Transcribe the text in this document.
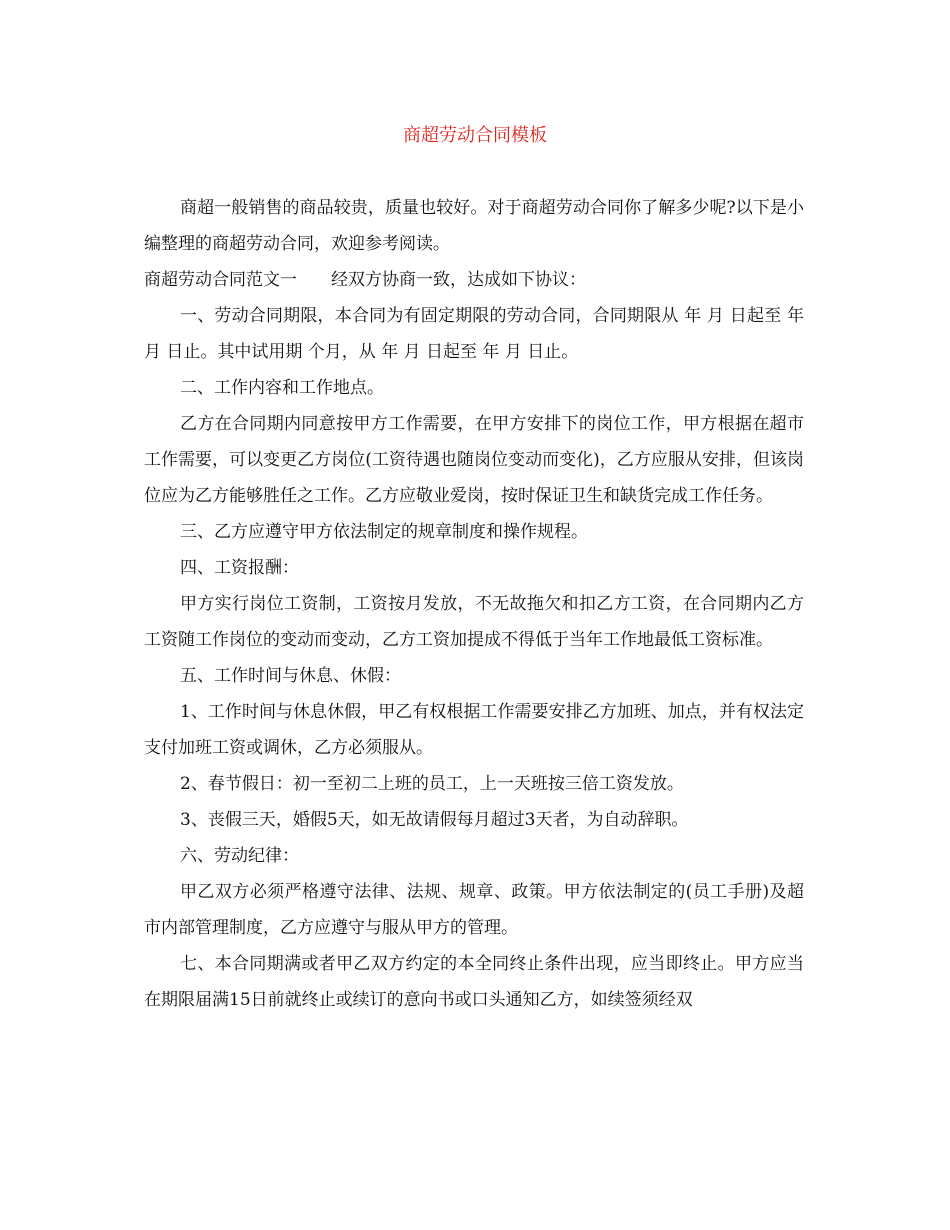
商超劳动合同模板

商超一般销售的商品较贵，质量也较好。对于商超劳动合同你了解多少呢?以下是小编整理的商超劳动合同，欢迎参考阅读。

商超劳动合同范文一　　经双方协商一致，达成如下协议：

一、劳动合同期限，本合同为有固定期限的劳动合同，合同期限从 年 月 日起至 年 月 日止。其中试用期 个月，从 年 月 日起至 年 月 日止。

二、工作内容和工作地点。

乙方在合同期内同意按甲方工作需要，在甲方安排下的岗位工作，甲方根据在超市工作需要，可以变更乙方岗位(工资待遇也随岗位变动而变化)，乙方应服从安排，但该岗位应为乙方能够胜任之工作。乙方应敬业爱岗，按时保证卫生和缺货完成工作任务。

三、乙方应遵守甲方依法制定的规章制度和操作规程。

四、工资报酬：

甲方实行岗位工资制，工资按月发放，不无故拖欠和扣乙方工资，在合同期内乙方工资随工作岗位的变动而变动，乙方工资加提成不得低于当年工作地最低工资标准。

五、工作时间与休息、休假：

1、工作时间与休息休假，甲乙有权根据工作需要安排乙方加班、加点，并有权法定支付加班工资或调休，乙方必须服从。

2、春节假日：初一至初二上班的员工，上一天班按三倍工资发放。

3、丧假三天，婚假5天，如无故请假每月超过3天者，为自动辞职。

六、劳动纪律：

甲乙双方必须严格遵守法律、法规、规章、政策。甲方依法制定的(员工手册)及超市内部管理制度，乙方应遵守与服从甲方的管理。

七、本合同期满或者甲乙双方约定的本全同终止条件出现，应当即终止。甲方应当在期限届满15日前就终止或续订的意向书或口头通知乙方，如续签须经双
